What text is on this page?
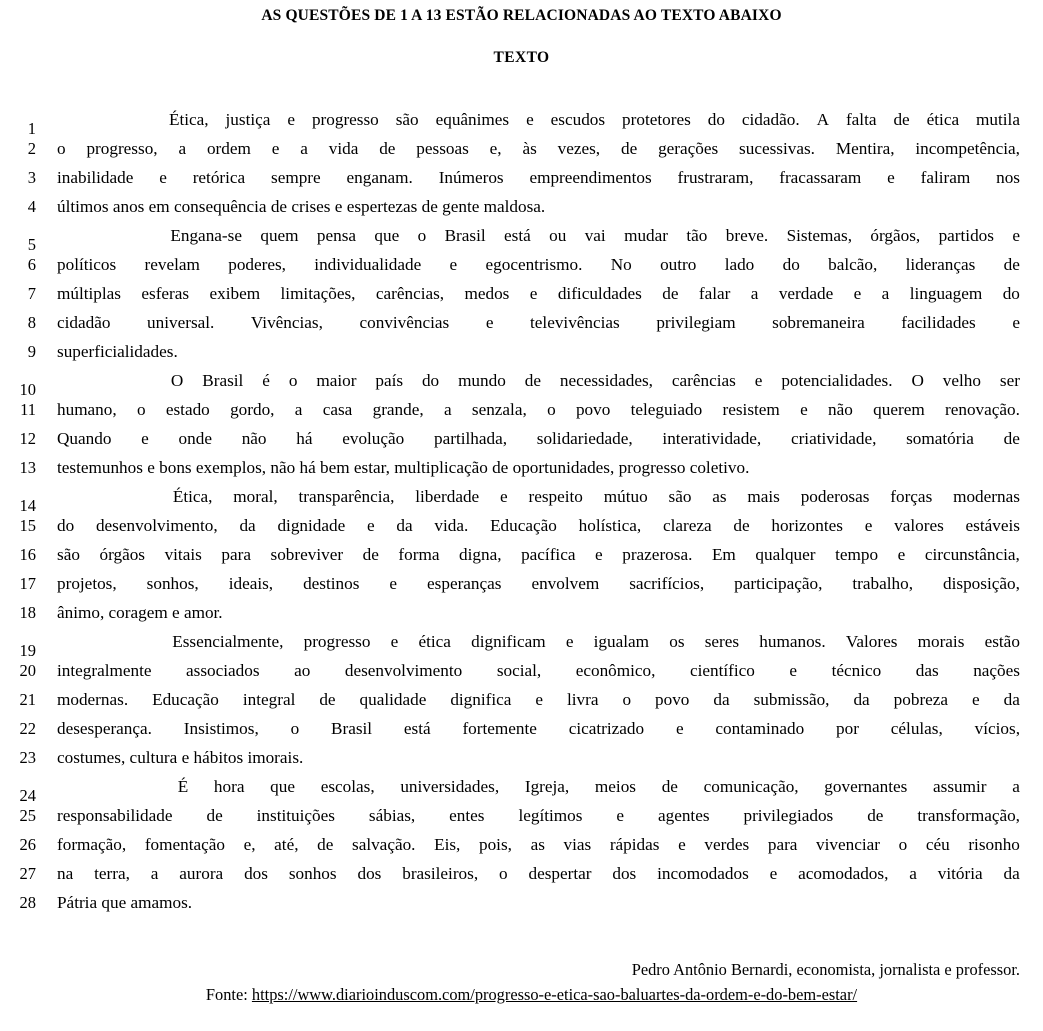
AS QUESTÕES DE 1 A 13 ESTÃO RELACIONADAS AO TEXTO ABAIXO
TEXTO
1	Ética, justiça e progresso são equânimes e escudos protetores do cidadão. A falta de ética mutila
2 o progresso, a ordem e a vida de pessoas e, às vezes, de gerações sucessivas. Mentira, incompetência,
3 inabilidade e retórica sempre enganam. Inúmeros empreendimentos frustraram, fracassaram e faliram nos
4 últimos anos em consequência de crises e espertezas de gente maldosa.
5	Engana-se quem pensa que o Brasil está ou vai mudar tão breve. Sistemas, órgãos, partidos e
6 políticos revelam poderes, individualidade e egocentrismo. No outro lado do balcão, lideranças de
7 múltiplas esferas exibem limitações, carências, medos e dificuldades de falar a verdade e a linguagem do
8 cidadão universal. Vivências, convivências e televivências privilegiam sobremaneira facilidades e
9 superficialidades.
10	O Brasil é o maior país do mundo de necessidades, carências e potencialidades. O velho ser
11 humano, o estado gordo, a casa grande, a senzala, o povo teleguiado resistem e não querem renovação.
12 Quando e onde não há evolução partilhada, solidariedade, interatividade, criatividade, somatória de
13 testemunhos e bons exemplos, não há bem estar, multiplicação de oportunidades, progresso coletivo.
14	Ética, moral, transparência, liberdade e respeito mútuo são as mais poderosas forças modernas
15 do desenvolvimento, da dignidade e da vida. Educação holística, clareza de horizontes e valores estáveis
16 são órgãos vitais para sobreviver de forma digna, pacífica e prazerosa. Em qualquer tempo e circunstância,
17 projetos, sonhos, ideais, destinos e esperanças envolvem sacrifícios, participação, trabalho, disposição,
18 ânimo, coragem e amor.
19	Essencialmente, progresso e ética dignificam e igualam os seres humanos. Valores morais estão
20 integralmente associados ao desenvolvimento social, econômico, científico e técnico das nações
21 modernas. Educação integral de qualidade dignifica e livra o povo da submissão, da pobreza e da
22 desesperança. Insistimos, o Brasil está fortemente cicatrizado e contaminado por células, vícios,
23 costumes, cultura e hábitos imorais.
24	É hora que escolas, universidades, Igreja, meios de comunicação, governantes assumir a
25 responsabilidade de instituições sábias, entes legítimos e agentes privilegiados de transformação,
26 formação, fomentação e, até, de salvação. Eis, pois, as vias rápidas e verdes para vivenciar o céu risonho
27 na terra, a aurora dos sonhos dos brasileiros, o despertar dos incomodados e acomodados, a vitória da
28 Pátria que amamos.
Pedro Antônio Bernardi, economista, jornalista e professor.
Fonte: https://www.diarioinduscom.com/progresso-e-etica-sao-baluartes-da-ordem-e-do-bem-estar/
